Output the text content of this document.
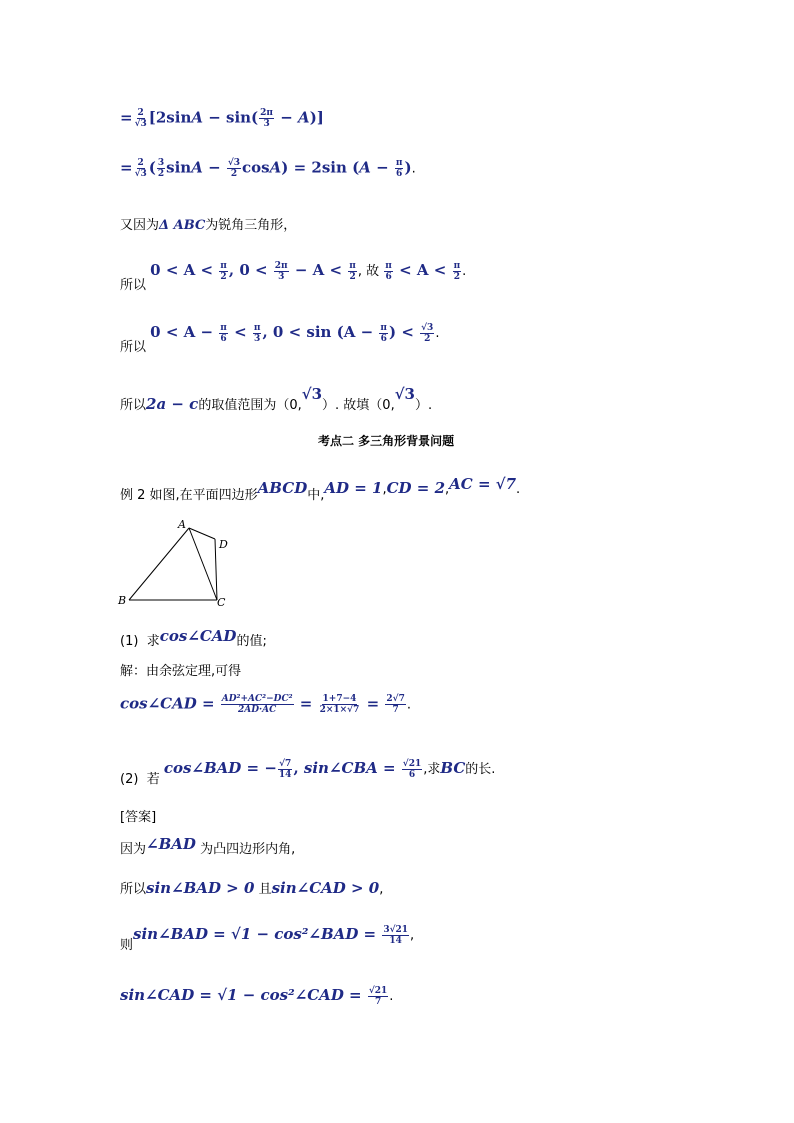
= $\frac{2}{√3} [2\sin A - \sin( \frac{2\pi}{3} - A)]$
= $\frac{2}{√3}$ ( $\frac{3}{2}$ $\sin A - \frac{√3}{2} \cos A) = 2\sin$ ($A - \frac{\pi}{6}$ ).
又因为Δ ABC为锐角三角形，
所以 $0 < A < \frac{\pi}{2}$ , $0 < \frac{2\pi}{3} - A < \frac{\pi}{2}$ , 故 $\frac{\pi}{6} < A < \frac{\pi}{2}$ .
所以 $0 < A - \frac{\pi}{6} < \frac{\pi}{3}$ , $0 < \sin (A - \frac{\pi}{6}$ ) < $\frac{√3}{2}$ .
所以2a − c的取值范围为（0,√3）. 故填（0,√3）.
考点二 多三角形背景问题
例 2 如图,在平面四边形ABCD中,AD = 1,CD = 2,AC = √7.
A
D
B	C
(1) 求cos∠CAD的值;
解：由余弦定理,可得
cos∠CAD = $\frac{\text{AD²+AC²−DC²}}{2AD\cdot AC} = \frac{1+7-4}{2\times 1\times√7} = \frac{2√7}{7}$ .
(2) 若 cos∠BAD = − $\frac{√7}{14}$ , sin∠CBA = $\frac{√21}{6}$ ,求BC的长.
[答案]
因为∠BAD 为凸四边形内角,
所以sin∠BAD > 0 且sin∠CAD > 0,
则sin∠BAD = √1 − cos²∠BAD = $\frac{3√21}{14}$ ,
sin∠CAD = √1 − cos²∠CAD = $\frac{√21}{7}$ .
